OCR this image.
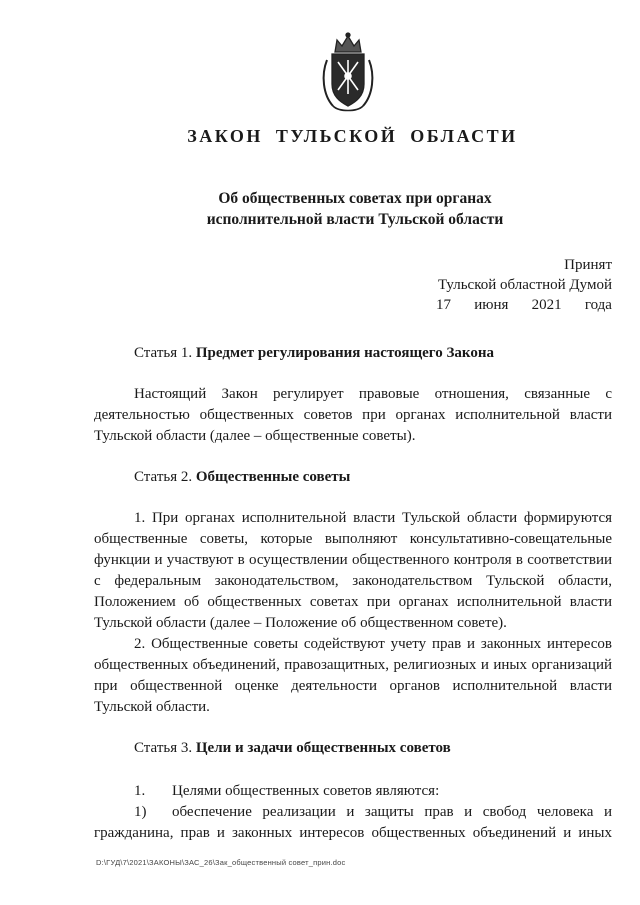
ЗАКОН ТУЛЬСКОЙ ОБЛАСТИ
Об общественных советах при органах
исполнительной власти Тульской области
Принят
Тульской областной Думой
17 июня 2021 года

Статья 1. Предмет регулирования настоящего Закона

Настоящий Закон регулирует правовые отношения, связанные с деятельностью общественных советов при органах исполнительной власти Тульской области (далее – общественные советы).

Статья 2. Общественные советы

1. При органах исполнительной власти Тульской области формируются общественные советы, которые выполняют консультативно-совещательные функции и участвуют в осуществлении общественного контроля в соответствии с федеральным законодательством, законодательством Тульской области, Положением об общественных советах при органах исполнительной власти Тульской области (далее – Положение об общественном совете).

2. Общественные советы содействуют учету прав и законных интересов общественных объединений, правозащитных, религиозных и иных организаций при общественной оценке деятельности органов исполнительной власти Тульской области.

Статья 3. Цели и задачи общественных советов

1.	Целями общественных советов являются:
1)	обеспечение реализации и защиты прав и свобод человека и

гражданина, прав и законных интересов общественных объединений и иных

D:\ГУД\7\2021\ЗАКОНЫ\ЗАС_26\Зак_общественный совет_прин.doc
